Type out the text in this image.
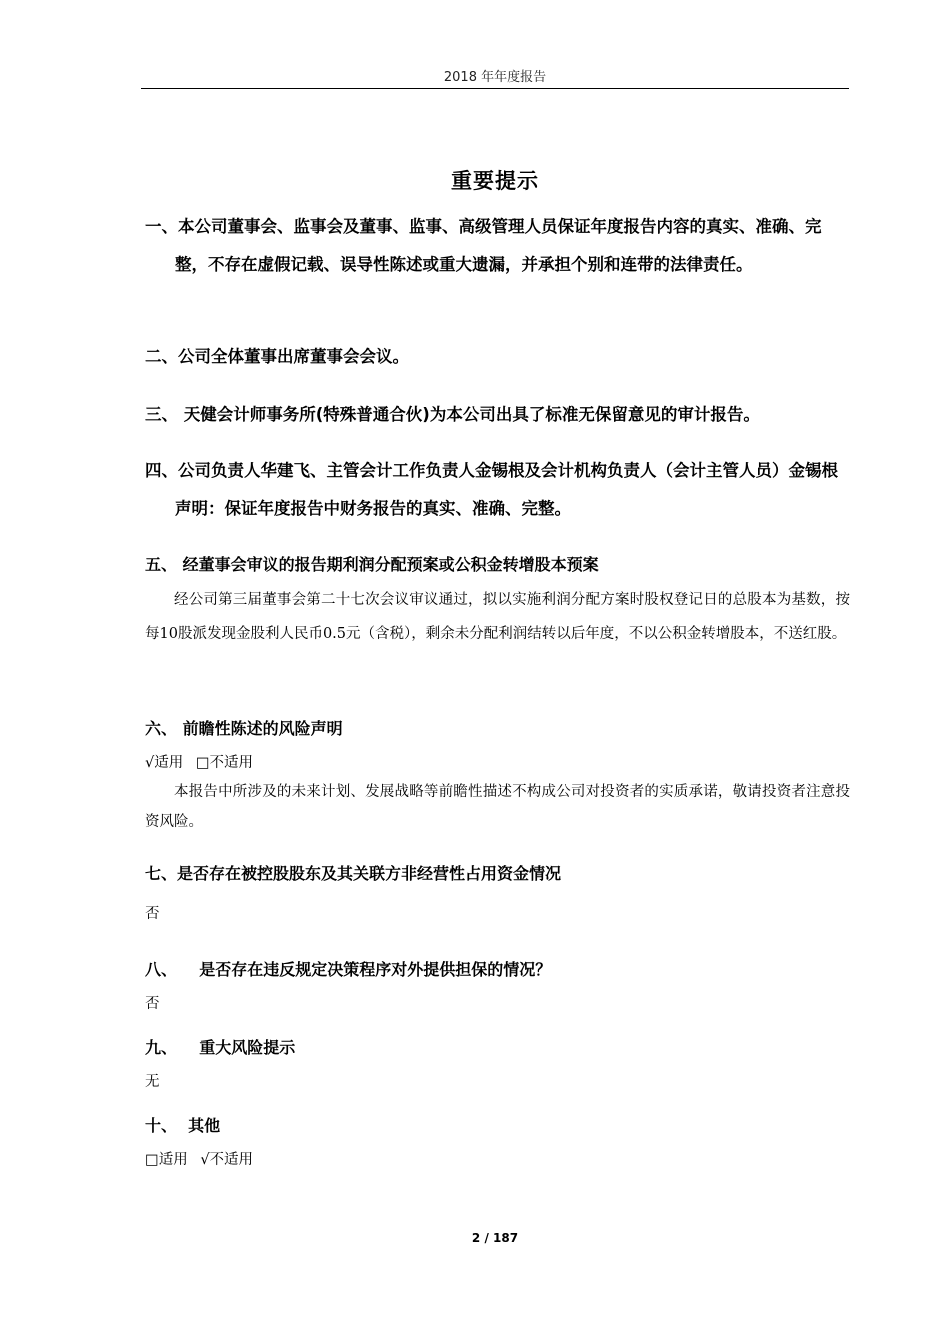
2018 年年度报告
重要提示

一、本公司董事会、监事会及董事、监事、高级管理人员保证年度报告内容的真实、准确、完整，不存在虚假记载、误导性陈述或重大遗漏，并承担个别和连带的法律责任。

二、公司全体董事出席董事会会议。

三、 天健会计师事务所(特殊普通合伙)为本公司出具了标准无保留意见的审计报告。

四、公司负责人华建飞、主管会计工作负责人金锡根及会计机构负责人（会计主管人员）金锡根声明：保证年度报告中财务报告的真实、准确、完整。

五、 经董事会审议的报告期利润分配预案或公积金转增股本预案

经公司第三届董事会第二十七次会议审议通过，拟以实施利润分配方案时股权登记日的总股本为基数，按每10股派发现金股利人民币0.5元（含税），剩余未分配利润结转以后年度，不以公积金转增股本，不送红股。

六、 前瞻性陈述的风险声明

√适用 □不适用

本报告中所涉及的未来计划、发展战略等前瞻性描述不构成公司对投资者的实质承诺，敬请投资者注意投资风险。

七、是否存在被控股股东及其关联方非经营性占用资金情况

否

八、    是否存在违反规定决策程序对外提供担保的情况？

否

九、    重大风险提示

无

十、  其他

□适用 √不适用

2 / 187
